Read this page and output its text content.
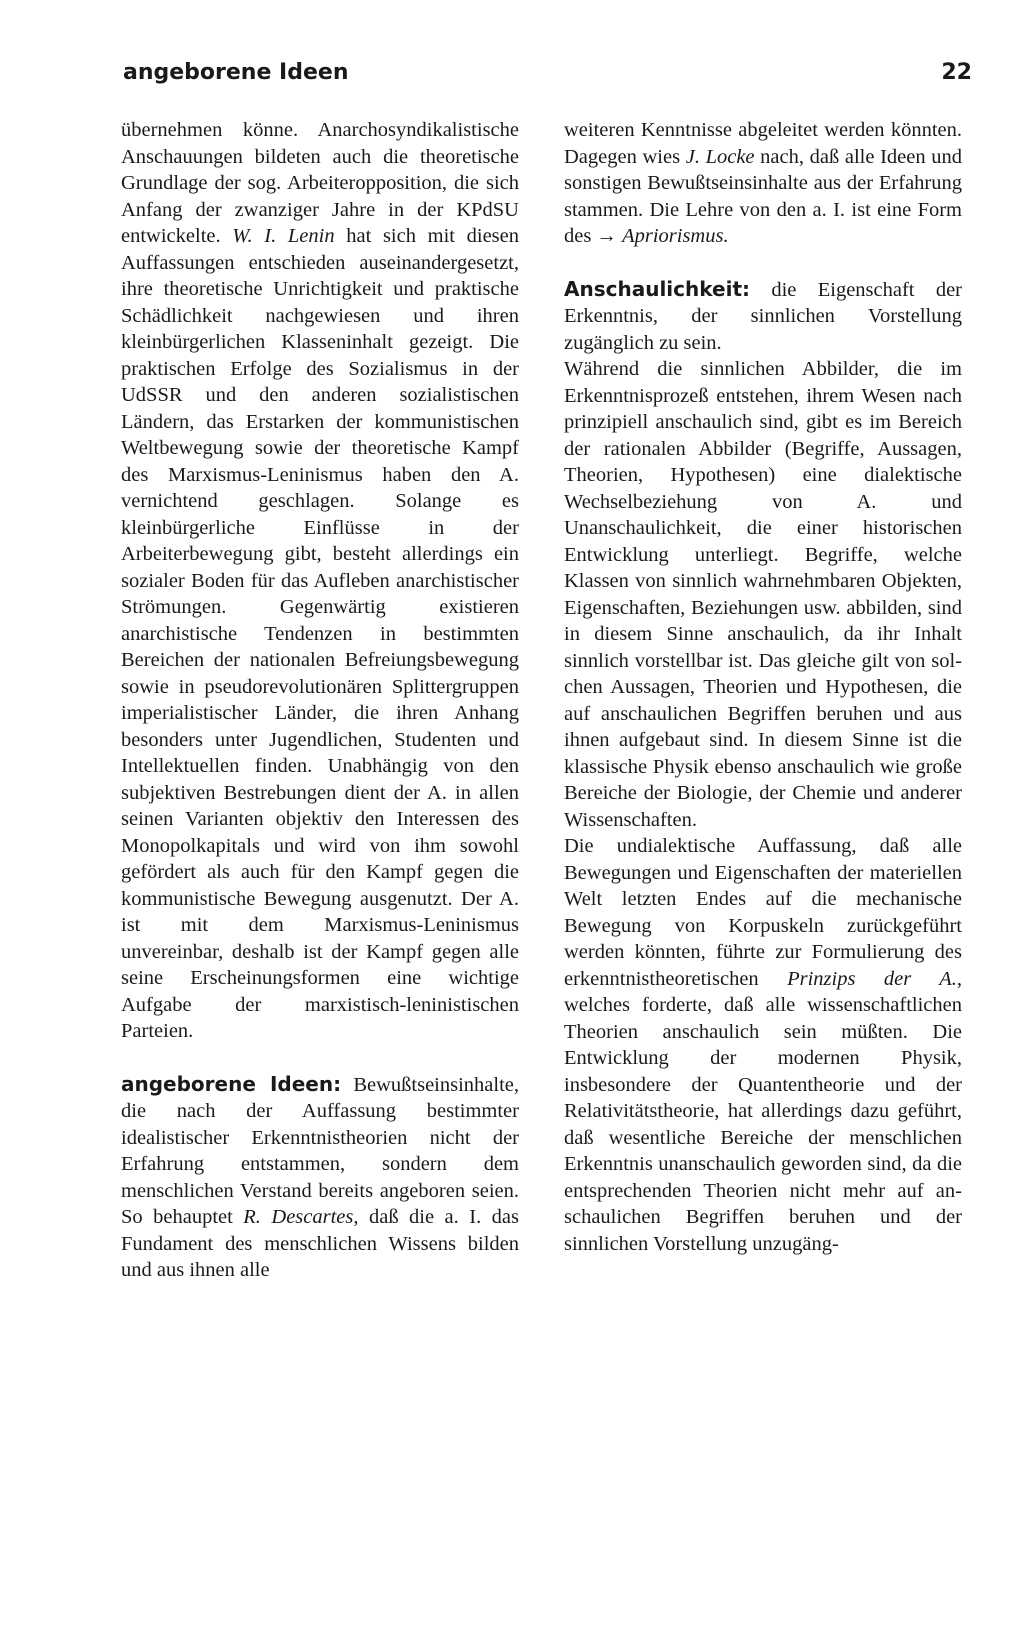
angeborene Ideen	22

übernehmen könne. Anarchosyndikalistische Anschauungen bildeten auch die theoretische Grundlage der sog. Arbeiteropposition, die sich Anfang der zwanziger Jahre in der KPdSU entwickelte. W. I. Lenin hat sich mit diesen Auffassungen entschieden auseinandergesetzt, ihre theoretische Unrichtigkeit und praktische Schädlichkeit nachgewiesen und ihren kleinbürgerlichen Klasseninhalt gezeigt. Die praktischen Erfolge des Sozialismus in der UdSSR und den anderen sozialistischen Ländern, das Erstarken der kommunistischen Weltbewegung sowie der theoretische Kampf des Marxismus-Leninismus haben den A. vernichtend geschlagen. Solange es kleinbürgerliche Einflüsse in der Arbeiterbewegung gibt, besteht allerdings ein sozialer Boden für das Aufleben anarchistischer Strömungen. Gegenwärtig existieren anarchistische Tendenzen in bestimmten Bereichen der nationalen Befreiungsbewegung sowie in pseudorevolutionären Splittergruppen imperialistischer Länder, die ihren Anhang besonders unter Jugendlichen, Studenten und Intellektuellen finden. Unabhängig von den subjektiven Bestrebungen dient der A. in allen seinen Varianten objektiv den Interessen des Monopolkapitals und wird von ihm sowohl gefördert als auch für den Kampf gegen die kommunistische Bewegung ausgenutzt. Der A. ist mit dem Marxismus-Leninismus unvereinbar, deshalb ist der Kampf gegen alle seine Erscheinungsformen eine wichtige Aufgabe der marxistisch-leninistischen Parteien.

angeborene Ideen: Bewußtseinsinhalte, die nach der Auffassung bestimmter idealistischer Erkenntnistheorien nicht der Erfahrung entstammen, sondern dem menschlichen Verstand bereits angeboren seien. So behauptet R. Descartes, daß die a. I. das Fundament des menschlichen Wissens bilden und aus ihnen alle

weiteren Kenntnisse abgeleitet werden könnten. Dagegen wies J. Locke nach, daß alle Ideen und sonstigen Bewußtseinsinhalte aus der Erfahrung stammen. Die Lehre von den a. I. ist eine Form des → Apriorismus.

Anschaulichkeit: die Eigenschaft der Erkenntnis, der sinnlichen Vorstellung zugänglich zu sein.

Während die sinnlichen Abbilder, die im Erkenntnisprozeß entstehen, ihrem Wesen nach prinzipiell anschaulich sind, gibt es im Bereich der rationalen Abbilder (Begriffe, Aussagen, Theorien, Hypothesen) eine dialektische Wechselbeziehung von A. und Unanschaulichkeit, die einer historischen Entwicklung unterliegt. Begriffe, welche Klassen von sinnlich wahrnehmbaren Objekten, Eigenschaften, Beziehungen usw. abbilden, sind in diesem Sinne anschaulich, da ihr Inhalt sinnlich vorstellbar ist. Das gleiche gilt von solchen Aussagen, Theorien und Hypothesen, die auf anschaulichen Begriffen beruhen und aus ihnen aufgebaut sind. In diesem Sinne ist die klassische Physik ebenso anschaulich wie große Bereiche der Biologie, der Chemie und anderer Wissenschaften.

Die undialektische Auffassung, daß alle Bewegungen und Eigenschaften der materiellen Welt letzten Endes auf die mechanische Bewegung von Korpuskeln zurückgeführt werden könnten, führte zur Formulierung des erkenntnistheoretischen Prinzips der A., welches forderte, daß alle wissenschaftlichen Theorien anschaulich sein müßten. Die Entwicklung der modernen Physik, insbesondere der Quantentheorie und der Relativitätstheorie, hat allerdings dazu geführt, daß wesentliche Bereiche der menschlichen Erkenntnis unanschaulich geworden sind, da die entsprechenden Theorien nicht mehr auf anschaulichen Begriffen beruhen und der sinnlichen Vorstellung unzugäng-
